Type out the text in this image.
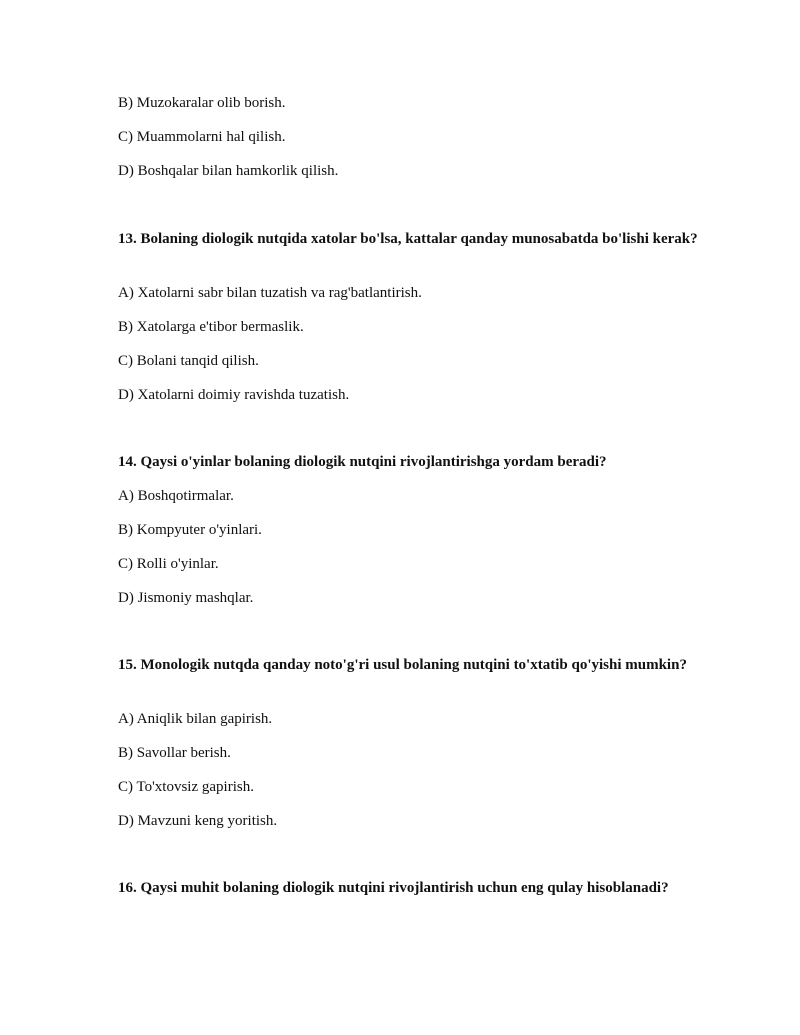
B) Muzokaralar olib borish.
C) Muammolarni hal qilish.
D) Boshqalar bilan hamkorlik qilish.
13. Bolaning diologik nutqida xatolar bo'lsa, kattalar qanday munosabatda bo'lishi kerak?
A) Xatolarni sabr bilan tuzatish va rag'batlantirish.
B) Xatolarga e'tibor bermaslik.
C) Bolani tanqid qilish.
D) Xatolarni doimiy ravishda tuzatish.
14. Qaysi o'yinlar bolaning diologik nutqini rivojlantirishga yordam beradi?
A) Boshqotirmalar.
B) Kompyuter o'yinlari.
C) Rolli o'yinlar.
D) Jismoniy mashqlar.
15. Monologik nutqda qanday noto'g'ri usul bolaning nutqini to'xtatib qo'yishi mumkin?
A) Aniqlik bilan gapirish.
B) Savollar berish.
C) To'xtovsiz gapirish.
D) Mavzuni keng yoritish.
16. Qaysi muhit bolaning diologik nutqini rivojlantirish uchun eng qulay hisoblanadi?
